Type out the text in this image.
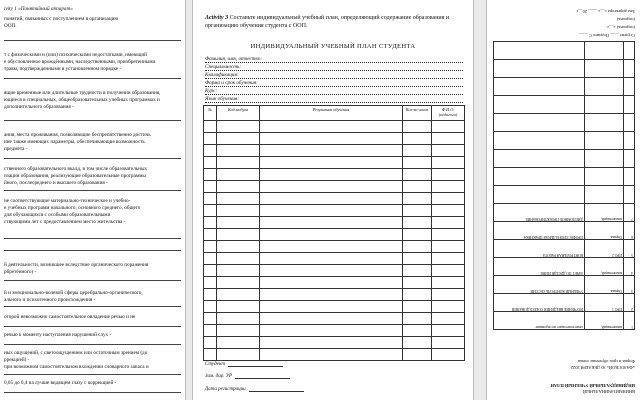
ivity 1 «Понятийный аппарат»
понятий, связанных с поступлением в организацию
ООП.
т с физическими и (или) психическими недостатками, имеющий
е обусловленное врождёнными, наследственными, приобретенными
травм, подтвержденными в установленном порядке -
ящие временные или длительные трудности в получении образования,
ющиеся в специальных, общеобразовательных учебных программах и
дополнительного образования -
ания, места проживания, позволяющие беспрепятственно достичь
ние также имеющих параметры, обеспечивающие возможность
предмета -
ственного образовательного вкалд, в том числе образовательных
изации образования, реализующие образовательные программы
йного, послесреднего и высшего образования -
не соответствующие материально-техническое и учебно-
е учебных программ начального, основного среднего, общего
для обучающихся с особыми образовательными
ствующими лет с предоставлением место жительства -
й деятельности, возникшее вследствие органического поражения
рбретённого) -
й и эмоционально-волевой сферы церебрально-органического,
ального и психогенного происхождения -
оторой невозможно самостоятельное овладение речью и не
речью к моменту наступления нарушений слух -
ных ощущений, с светоощущением или остаточным зрением (до
ррекцией) -
при возможном самостоятельном вхождении словарного запаса и
0,05 до 0,4 на лучше видящем глазу с коррекцией -
Activity 3 Составьте индивидуальный учебный план, определяющий содержание образования и организацию обучения студента с ООП.
ИНДИВИДУАЛЬНЫЙ УЧЕБНЫЙ ПЛАН СТУДЕНТА
Фамилия, имя, отчество:
Специальность:
Квалификация:
Форма и срок обучения:
Курс:
Язык обучения:
№	Код модуля	Результат обучения	Кол-во часов	Ф.И.О. (педагога)

Студент
Зам. дир. УР
Дата регистрации	ВНИЯМИЗАЧИНАЛЬНЫЙ
ИНДИВИДУАЛЬНЫЙ УЧЕБНЫЙ ПЛАН
«ФАЗОСВОЙ» 30 ДЕКАБРЯ 2022
Форма и срок обучения: очная
1	компетенций,	самостоятельное исследование
2	ПРО 1	ИЗУЧЕНИЕ ВВЕДЕНИЯ СОБЕСЕДОВАНИЯ
3	Оценка	УЧЕБНЫЙ КОНТРОЛЬ СЕССИИ
4	компетенций,	ЗАЧЕТ ПО ДИСЦИПЛИНЕ
5	ПРО 2	КОНТРОЛЬНАЯ РАБОТА
6	Оценка	ПРОФЕССИОНАЛЬНАЯ ПРАКТИКА
7	компетенций,	ДИПЛОМНОЕ ПРОЕКТИРОВАНИЕ

Студент ____ Подпись С ____
(подпись) «__»
(подпись)
Зам директора «__» ____ 20__г.
